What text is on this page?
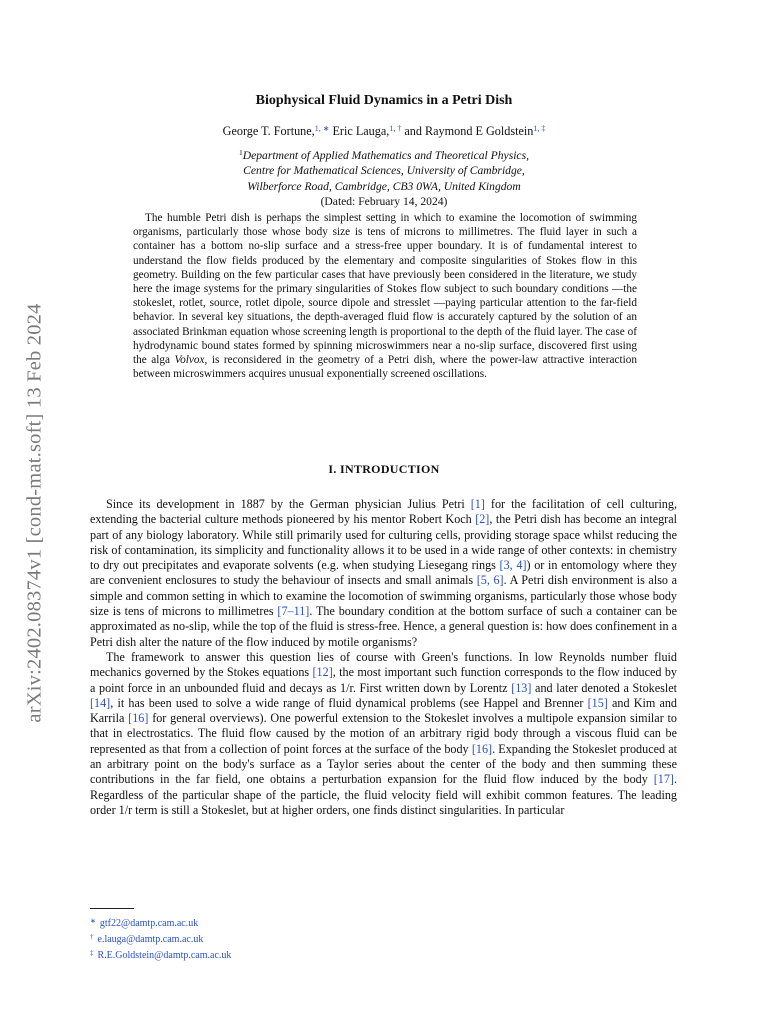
arXiv:2402.08374v1 [cond-mat.soft] 13 Feb 2024
Biophysical Fluid Dynamics in a Petri Dish
George T. Fortune,$^{1, ∗}$ Eric Lauga,$^{1, \dagger}$ and Raymond E Goldstein$^{1, \ddagger}$
$^1$Department of Applied Mathematics and Theoretical Physics,
Centre for Mathematical Sciences, University of Cambridge,
Wilberforce Road, Cambridge, CB3 0WA, United Kingdom
(Dated: February 14, 2024)
The humble Petri dish is perhaps the simplest setting in which to examine the locomotion of swimming organisms, particularly those whose body size is tens of microns to millimetres. The fluid layer in such a container has a bottom no-slip surface and a stress-free upper boundary. It is of fundamental interest to understand the flow fields produced by the elementary and composite singularities of Stokes flow in this geometry. Building on the few particular cases that have previously been considered in the literature, we study here the image systems for the primary singularities of Stokes flow subject to such boundary conditions —the stokeslet, rotlet, source, rotlet dipole, source dipole and stresslet —paying particular attention to the far-field behavior. In several key situations, the depth-averaged fluid flow is accurately captured by the solution of an associated Brinkman equation whose screening length is proportional to the depth of the fluid layer. The case of hydrodynamic bound states formed by spinning microswimmers near a no-slip surface, discovered first using the alga Volvox, is reconsidered in the geometry of a Petri dish, where the power-law attractive interaction between microswimmers acquires unusual exponentially screened oscillations.
I. INTRODUCTION

Since its development in 1887 by the German physician Julius Petri [1] for the facilitation of cell culturing, extending the bacterial culture methods pioneered by his mentor Robert Koch [2], the Petri dish has become an integral part of any biology laboratory. While still primarily used for culturing cells, providing storage space whilst reducing the risk of contamination, its simplicity and functionality allows it to be used in a wide range of other contexts: in chemistry to dry out precipitates and evaporate solvents (e.g. when studying Liesegang rings [3, 4]) or in entomology where they are convenient enclosures to study the behaviour of insects and small animals [5, 6]. A Petri dish environment is also a simple and common setting in which to examine the locomotion of swimming organisms, particularly those whose body size is tens of microns to millimetres [7–11]. The boundary condition at the bottom surface of such a container can be approximated as no-slip, while the top of the fluid is stress-free. Hence, a general question is: how does confinement in a Petri dish alter the nature of the flow induced by motile organisms?

The framework to answer this question lies of course with Green's functions. In low Reynolds number fluid mechanics governed by the Stokes equations [12], the most important such function corresponds to the flow induced by a point force in an unbounded fluid and decays as 1/r. First written down by Lorentz [13] and later denoted a Stokeslet [14], it has been used to solve a wide range of fluid dynamical problems (see Happel and Brenner [15] and Kim and Karrila [16] for general overviews). One powerful extension to the Stokeslet involves a multipole expansion similar to that in electrostatics. The fluid flow caused by the motion of an arbitrary rigid body through a viscous fluid can be represented as that from a collection of point forces at the surface of the body [16]. Expanding the Stokeslet produced at an arbitrary point on the body's surface as a Taylor series about the center of the body and then summing these contributions in the far field, one obtains a perturbation expansion for the fluid flow induced by the body [17]. Regardless of the particular shape of the particle, the fluid velocity field will exhibit common features. The leading order 1/r term is still a Stokeslet, but at higher orders, one finds distinct singularities. In particular

∗ gtf22@damtp.cam.ac.uk
† e.lauga@damtp.cam.ac.uk
‡ R.E.Goldstein@damtp.cam.ac.uk
